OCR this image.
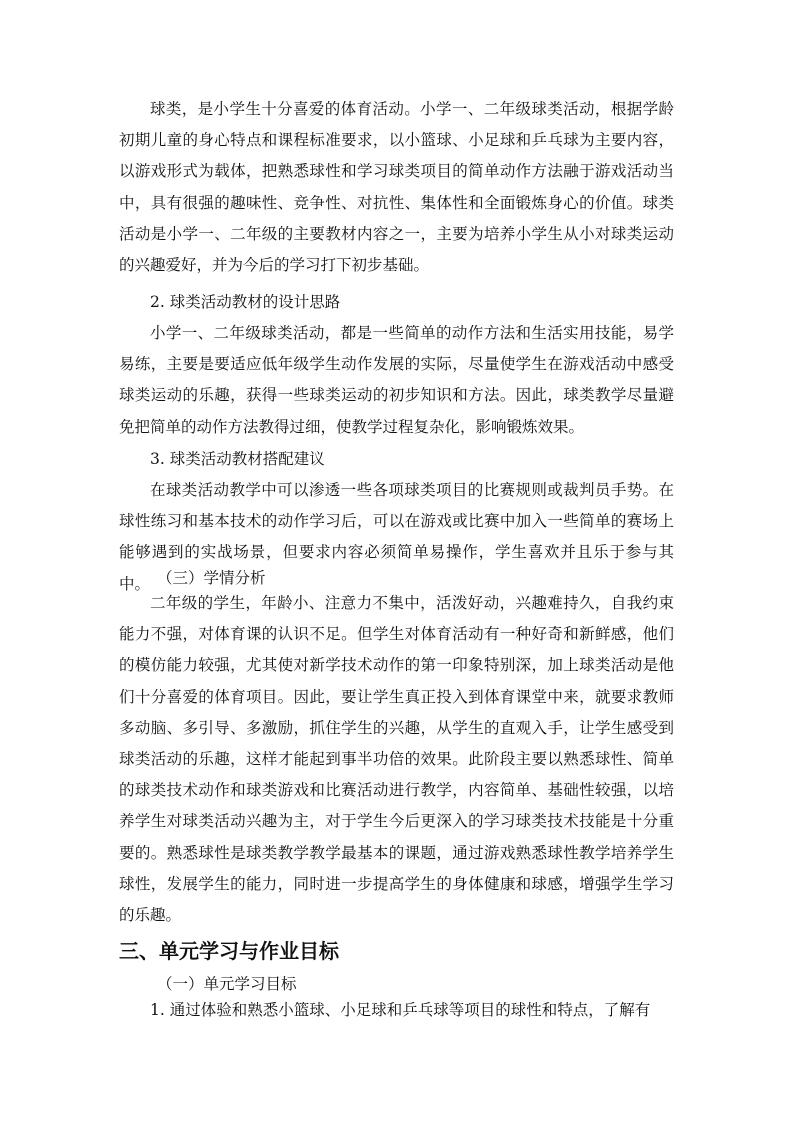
球类，是小学生十分喜爱的体育活动。小学一、二年级球类活动，根据学龄初期儿童的身心特点和课程标准要求，以小篮球、小足球和乒乓球为主要内容，以游戏形式为载体，把熟悉球性和学习球类项目的简单动作方法融于游戏活动当中，具有很强的趣味性、竞争性、对抗性、集体性和全面锻炼身心的价值。球类活动是小学一、二年级的主要教材内容之一，主要为培养小学生从小对球类运动的兴趣爱好，并为今后的学习打下初步基础。

2. 球类活动教材的设计思路

小学一、二年级球类活动，都是一些简单的动作方法和生活实用技能，易学易练，主要是要适应低年级学生动作发展的实际，尽量使学生在游戏活动中感受球类运动的乐趣，获得一些球类运动的初步知识和方法。因此，球类教学尽量避免把简单的动作方法教得过细，使教学过程复杂化，影响锻炼效果。

3. 球类活动教材搭配建议

在球类活动教学中可以渗透一些各项球类项目的比赛规则或裁判员手势。在球性练习和基本技术的动作学习后，可以在游戏或比赛中加入一些简单的赛场上能够遇到的实战场景，但要求内容必须简单易操作，学生喜欢并且乐于参与其中。 （三）学情分析

二年级的学生，年龄小、注意力不集中，活泼好动，兴趣难持久，自我约束能力不强，对体育课的认识不足。但学生对体育活动有一种好奇和新鲜感，他们的模仿能力较强，尤其使对新学技术动作的第一印象特别深，加上球类活动是他们十分喜爱的体育项目。因此，要让学生真正投入到体育课堂中来，就要求教师多动脑、多引导、多激励，抓住学生的兴趣，从学生的直观入手，让学生感受到球类活动的乐趣，这样才能起到事半功倍的效果。此阶段主要以熟悉球性、简单的球类技术动作和球类游戏和比赛活动进行教学，内容简单、基础性较强，以培养学生对球类活动兴趣为主，对于学生今后更深入的学习球类技术技能是十分重要的。熟悉球性是球类教学教学最基本的课题，通过游戏熟悉球性教学培养学生球性，发展学生的能力，同时进一步提高学生的身体健康和球感，增强学生学习的乐趣。

三、单元学习与作业目标

（一）单元学习目标

1. 通过体验和熟悉小篮球、小足球和乒乓球等项目的球性和特点，了解有
